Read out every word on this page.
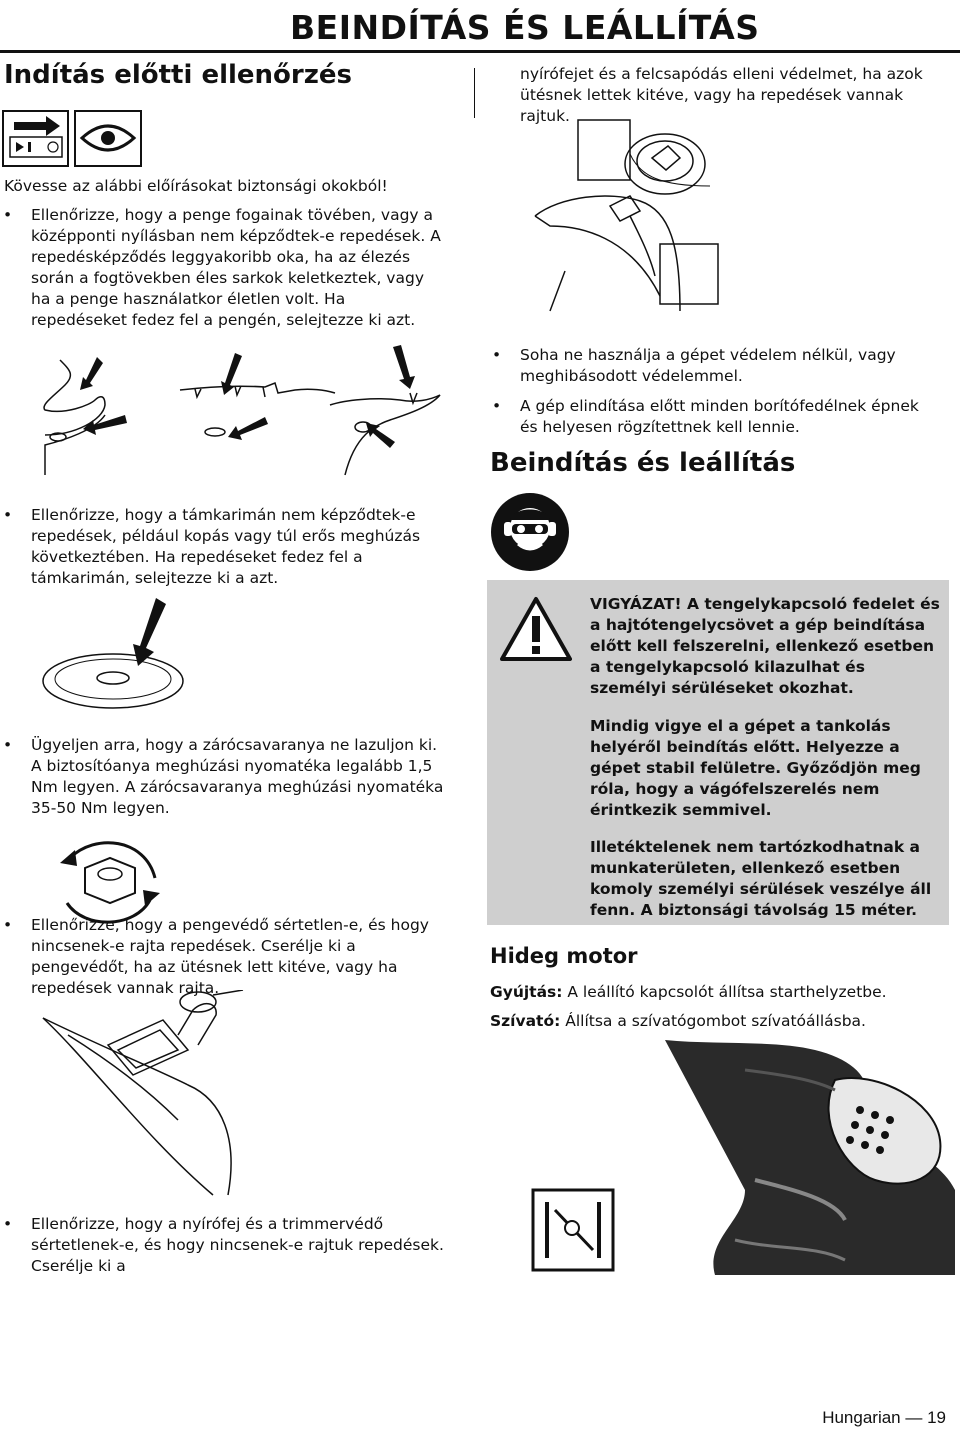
BEINDÍTÁS ÉS LEÁLLÍTÁS
Indítás előtti ellenőrzés
Kövesse az alábbi előírásokat biztonsági okokból!
• Ellenőrizze, hogy a penge fogainak tövében, vagy a középponti nyílásban nem képződtek-e repedések. A repedésképződés leggyakoribb oka, ha az élezés során a fogtövekben éles sarkok keletkeztek, vagy ha a penge használatkor életlen volt. Ha repedéseket fedez fel a pengén, selejtezze ki azt.
• Ellenőrizze, hogy a támkarimán nem képződtek-e repedések, például kopás vagy túl erős meghúzás következtében. Ha repedéseket fedez fel a támkarimán, selejtezze ki a azt.
• Ügyeljen arra, hogy a zárócsavaranya ne lazuljon ki. A biztosítóanya meghúzási nyomatéka legalább 1,5 Nm legyen. A zárócsavaranya meghúzási nyomatéka 35-50 Nm legyen.
• Ellenőrizze, hogy a pengevédő sértetlen-e, és hogy nincsenek-e rajta repedések. Cserélje ki a pengevédőt, ha az ütésnek lett kitéve, vagy ha repedések vannak rajta.
• Ellenőrizze, hogy a nyírófej és a trimmervédő sértetlenek-e, és hogy nincsenek-e rajtuk repedések. Cserélje ki a
nyírófejet és a felcsapódás elleni védelmet, ha azok ütésnek lettek kitéve, vagy ha repedések vannak rajtuk.
• Soha ne használja a gépet védelem nélkül, vagy meghibásodott védelemmel.
• A gép elindítása előtt minden borítófedélnek épnek és helyesen rögzítettnek kell lennie.
Beindítás és leállítás
VIGYÁZAT! A tengelykapcsoló fedelet és a hajtótengelycsövet a gép beindítása előtt kell felszerelni, ellenkező esetben a tengelykapcsoló kilazulhat és személyi sérüléseket okozhat.
Mindig vigye el a gépet a tankolás helyéről beindítás előtt. Helyezze a gépet stabil felületre. Győződjön meg róla, hogy a vágófelszerelés nem érintkezik semmivel.
Illetéktelenek nem tartózkodhatnak a munkaterületen, ellenkező esetben komoly személyi sérülések veszélye áll fenn. A biztonsági távolság 15 méter.
Hideg motor
Gyújtás: A leállító kapcsolót állítsa starthelyzetbe.
Szívató: Állítsa a szívatógombot szívatóállásba.
Hungarian — 19
